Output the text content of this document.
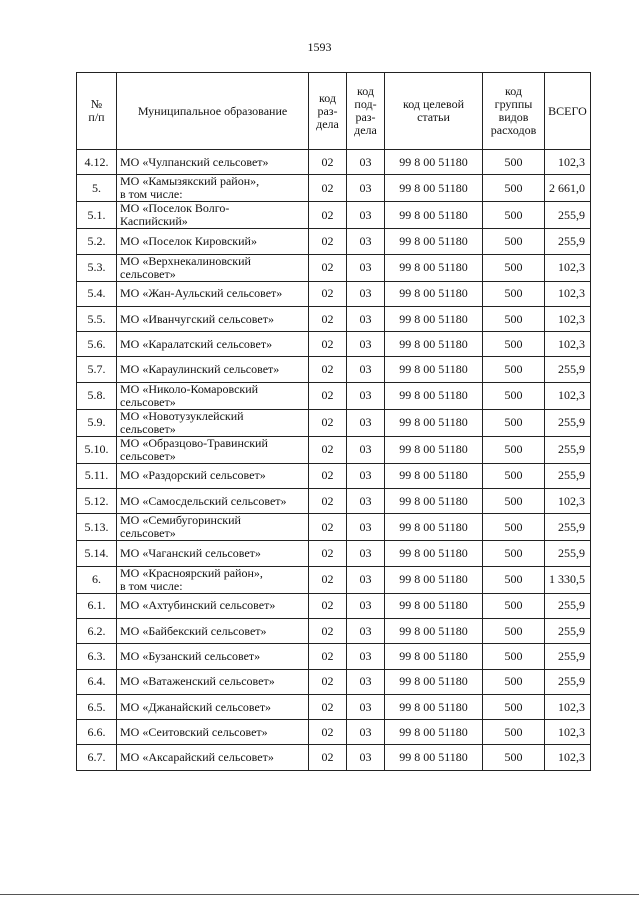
1593
№
п/п	Муниципальное образование	код
раз-
дела	код
под-
раз-
дела	код целевой
статьи	код
группы
видов
расходов	ВСЕГО

4.12.	МО «Чулпанский сельсовет»	02	03	99 8 00 51180	500	102,3
5.	МО «Камызякский район»,
в том числе:	02	03	99 8 00 51180	500	2 661,0
5.1.	МО «Поселок Волго-
Каспийский»	02	03	99 8 00 51180	500	255,9
5.2.	МО «Поселок Кировский»	02	03	99 8 00 51180	500	255,9
5.3.	МО «Верхнекалиновский
сельсовет»	02	03	99 8 00 51180	500	102,3
5.4.	МО «Жан-Аульский сельсовет»	02	03	99 8 00 51180	500	102,3
5.5.	МО «Иванчугский сельсовет»	02	03	99 8 00 51180	500	102,3
5.6.	МО «Каралатский сельсовет»	02	03	99 8 00 51180	500	102,3
5.7.	МО «Караулинский сельсовет»	02	03	99 8 00 51180	500	255,9
5.8.	МО «Николо-Комаровский
сельсовет»	02	03	99 8 00 51180	500	102,3
5.9.	МО «Новотузуклейский
сельсовет»	02	03	99 8 00 51180	500	255,9
5.10.	МО «Образцово-Травинский
сельсовет»	02	03	99 8 00 51180	500	255,9
5.11.	МО «Раздорский сельсовет»	02	03	99 8 00 51180	500	255,9
5.12.	МО «Самосдельский сельсовет»	02	03	99 8 00 51180	500	102,3
5.13.	МО «Семибугоринский
сельсовет»	02	03	99 8 00 51180	500	255,9
5.14.	МО «Чаганский сельсовет»	02	03	99 8 00 51180	500	255,9
6.	МО «Красноярский район»,
в том числе:	02	03	99 8 00 51180	500	1 330,5
6.1.	МО «Ахтубинский сельсовет»	02	03	99 8 00 51180	500	255,9
6.2.	МО «Байбекский сельсовет»	02	03	99 8 00 51180	500	255,9
6.3.	МО «Бузанский сельсовет»	02	03	99 8 00 51180	500	255,9
6.4.	МО «Ватаженский сельсовет»	02	03	99 8 00 51180	500	255,9
6.5.	МО «Джанайский сельсовет»	02	03	99 8 00 51180	500	102,3
6.6.	МО «Сеитовский сельсовет»	02	03	99 8 00 51180	500	102,3
6.7.	МО «Аксарайский сельсовет»	02	03	99 8 00 51180	500	102,3
